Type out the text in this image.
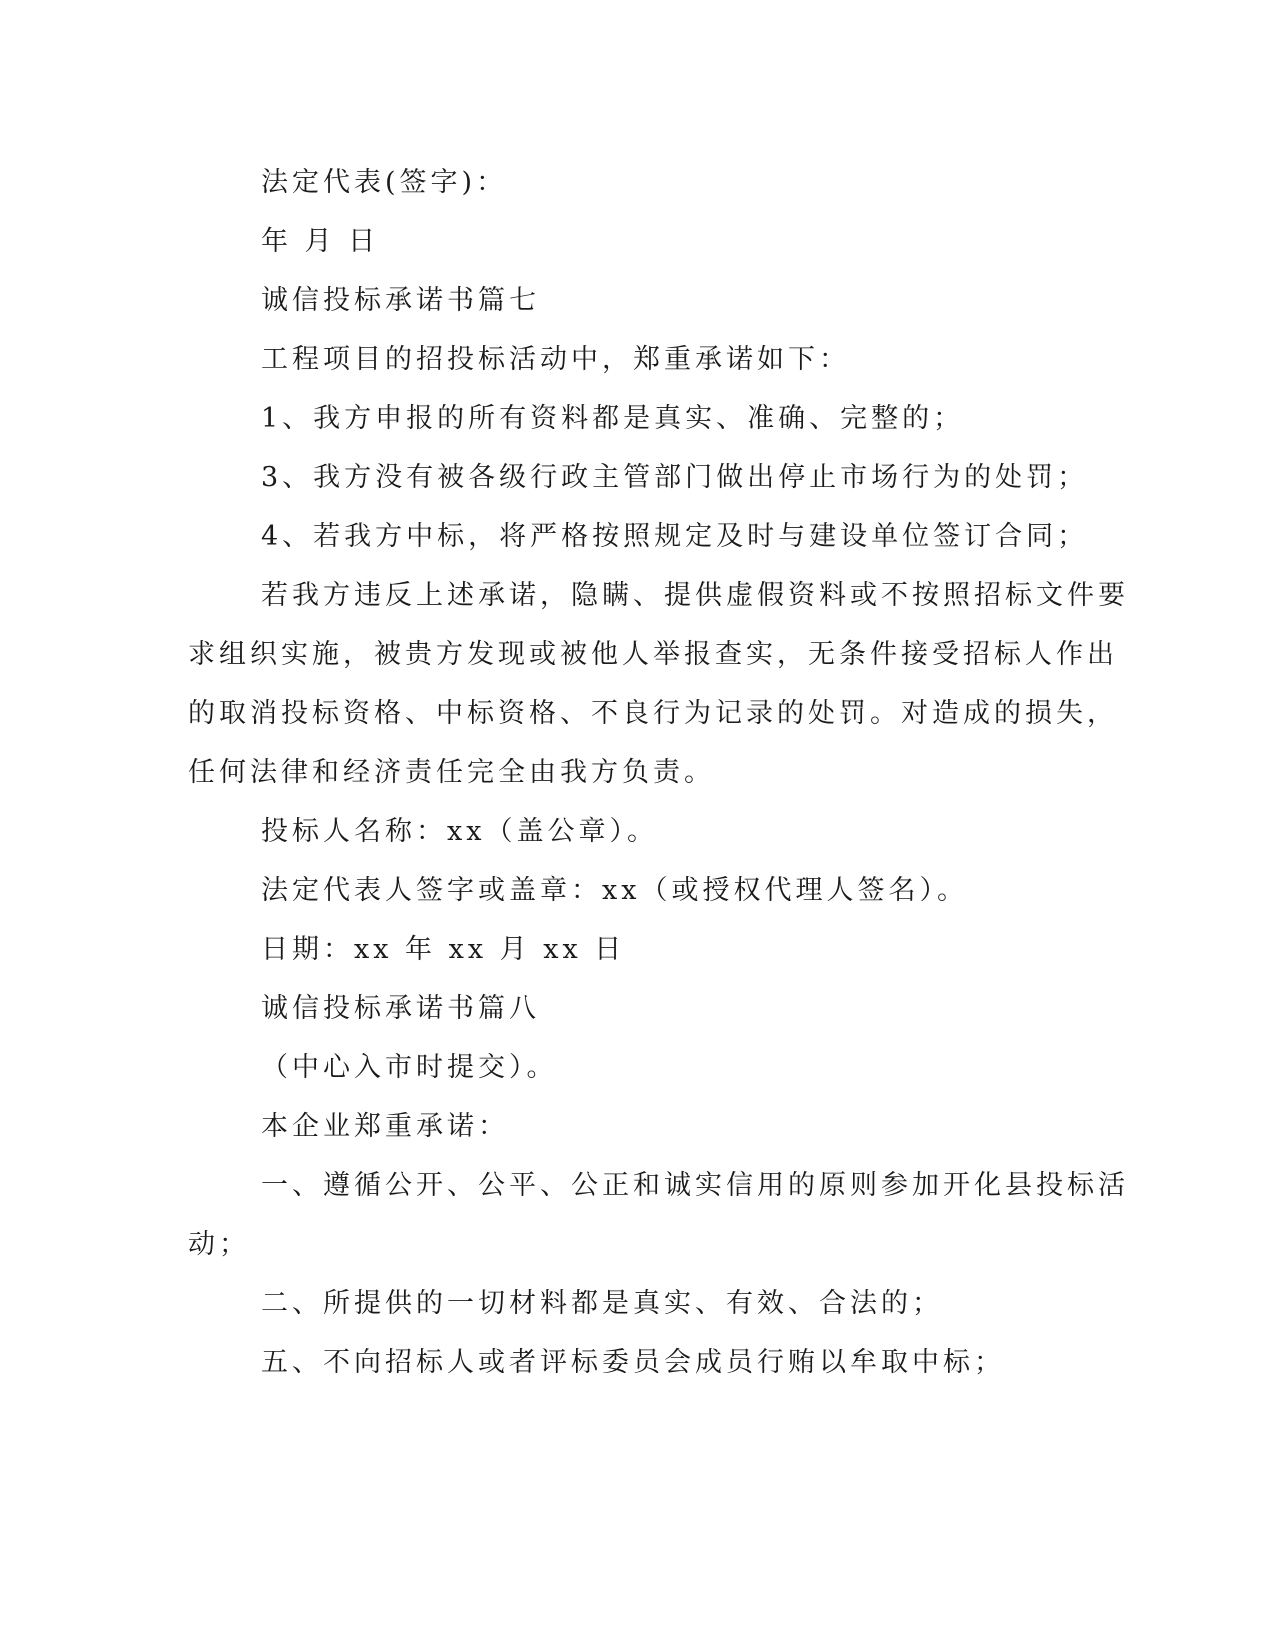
法定代表(签字)：
年 月 日
诚信投标承诺书篇七
工程项目的招投标活动中，郑重承诺如下：
1、我方申报的所有资料都是真实、准确、完整的；
3、我方没有被各级行政主管部门做出停止市场行为的处罚；
4、若我方中标，将严格按照规定及时与建设单位签订合同；
若我方违反上述承诺，隐瞒、提供虚假资料或不按照招标文件要
求组织实施，被贵方发现或被他人举报查实，无条件接受招标人作出
的取消投标资格、中标资格、不良行为记录的处罚。对造成的损失，
任何法律和经济责任完全由我方负责。
投标人名称：xx（盖公章）。
法定代表人签字或盖章：xx（或授权代理人签名）。
日期：xx 年 xx 月 xx 日
诚信投标承诺书篇八
（中心入市时提交）。
本企业郑重承诺：
一、遵循公开、公平、公正和诚实信用的原则参加开化县投标活
动；
二、所提供的一切材料都是真实、有效、合法的；
五、不向招标人或者评标委员会成员行贿以牟取中标；
